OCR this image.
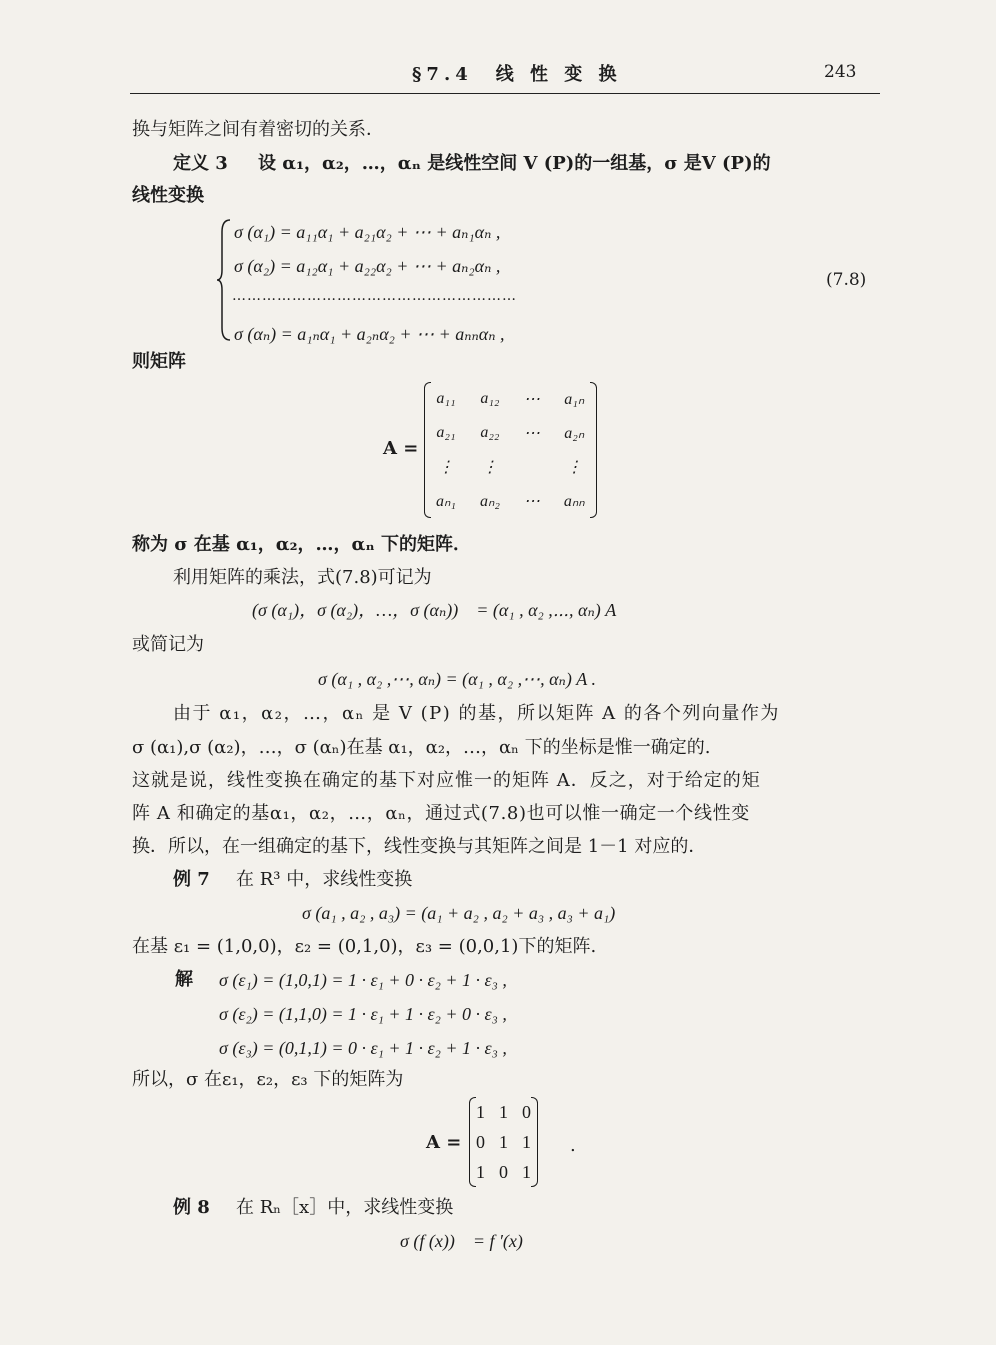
§7.4　线 性 变 换	243
换与矩阵之间有着密切的关系．
定义 3 设 α₁，α₂，…，αₙ 是线性空间 V (P)的一组基，σ 是V (P)的
线性变换
σ (α₁) = a₁₁α₁ + a₂₁α₂ + ⋯ + aₙ₁αₙ ,
σ (α₂) = a₁₂α₁ + a₂₂α₂ + ⋯ + aₙ₂αₙ ,
…………………………………………………
σ (αₙ) = a₁ₙα₁ + a₂ₙα₂ + ⋯ + aₙₙαₙ ,
(7.8)
则矩阵
A =
a₁₁	a₁₂	⋯	a₁ₙ
a₂₁	a₂₂	⋯	a₂ₙ
⋮	⋮		⋮
aₙ₁	aₙ₂	⋯	aₙₙ
称为 σ 在基 α₁，α₂，…，αₙ 下的矩阵．
利用矩阵的乘法，式(7.8)可记为
(σ (α₁)，σ (α₂)，…，σ (αₙ))　= (α₁ , α₂ ,⋯, αₙ) A
或简记为
σ (α₁ , α₂ ,⋯, αₙ) = (α₁ , α₂ ,⋯, αₙ) A .
由于 α₁，α₂，…，αₙ 是 V (P) 的基，所以矩阵 A 的各个列向量作为
σ (α₁),σ (α₂)，…，σ (αₙ)在基 α₁，α₂，…，αₙ 下的坐标是惟一确定的.
这就是说，线性变换在确定的基下对应惟一的矩阵 A．反之，对于给定的矩
阵 A 和确定的基α₁，α₂，…，αₙ，通过式(7.8)也可以惟一确定一个线性变
换．所以，在一组确定的基下，线性变换与其矩阵之间是 1－1 对应的．
例 7 在 R³ 中，求线性变换
σ (a₁ , a₂ , a₃) = (a₁ + a₂ , a₂ + a₃ , a₃ + a₁)
在基 ε₁ = (1,0,0)，ε₂ = (0,1,0)，ε₃ = (0,0,1)下的矩阵.
解 σ (ε₁) = (1,0,1) = 1 · ε₁ + 0 · ε₂ + 1 · ε₃ ,
σ (ε₂) = (1,1,0) = 1 · ε₁ + 1 · ε₂ + 0 · ε₃ ,
σ (ε₃) = (0,1,1) = 0 · ε₁ + 1 · ε₂ + 1 · ε₃ ,
所以，σ 在ε₁，ε₂，ε₃ 下的矩阵为
A =
1	1	0
0	1	1
1	0	1
.
例 8 在 Rₙ［x］中，求线性变换
σ (f (x))　= f ′(x)
